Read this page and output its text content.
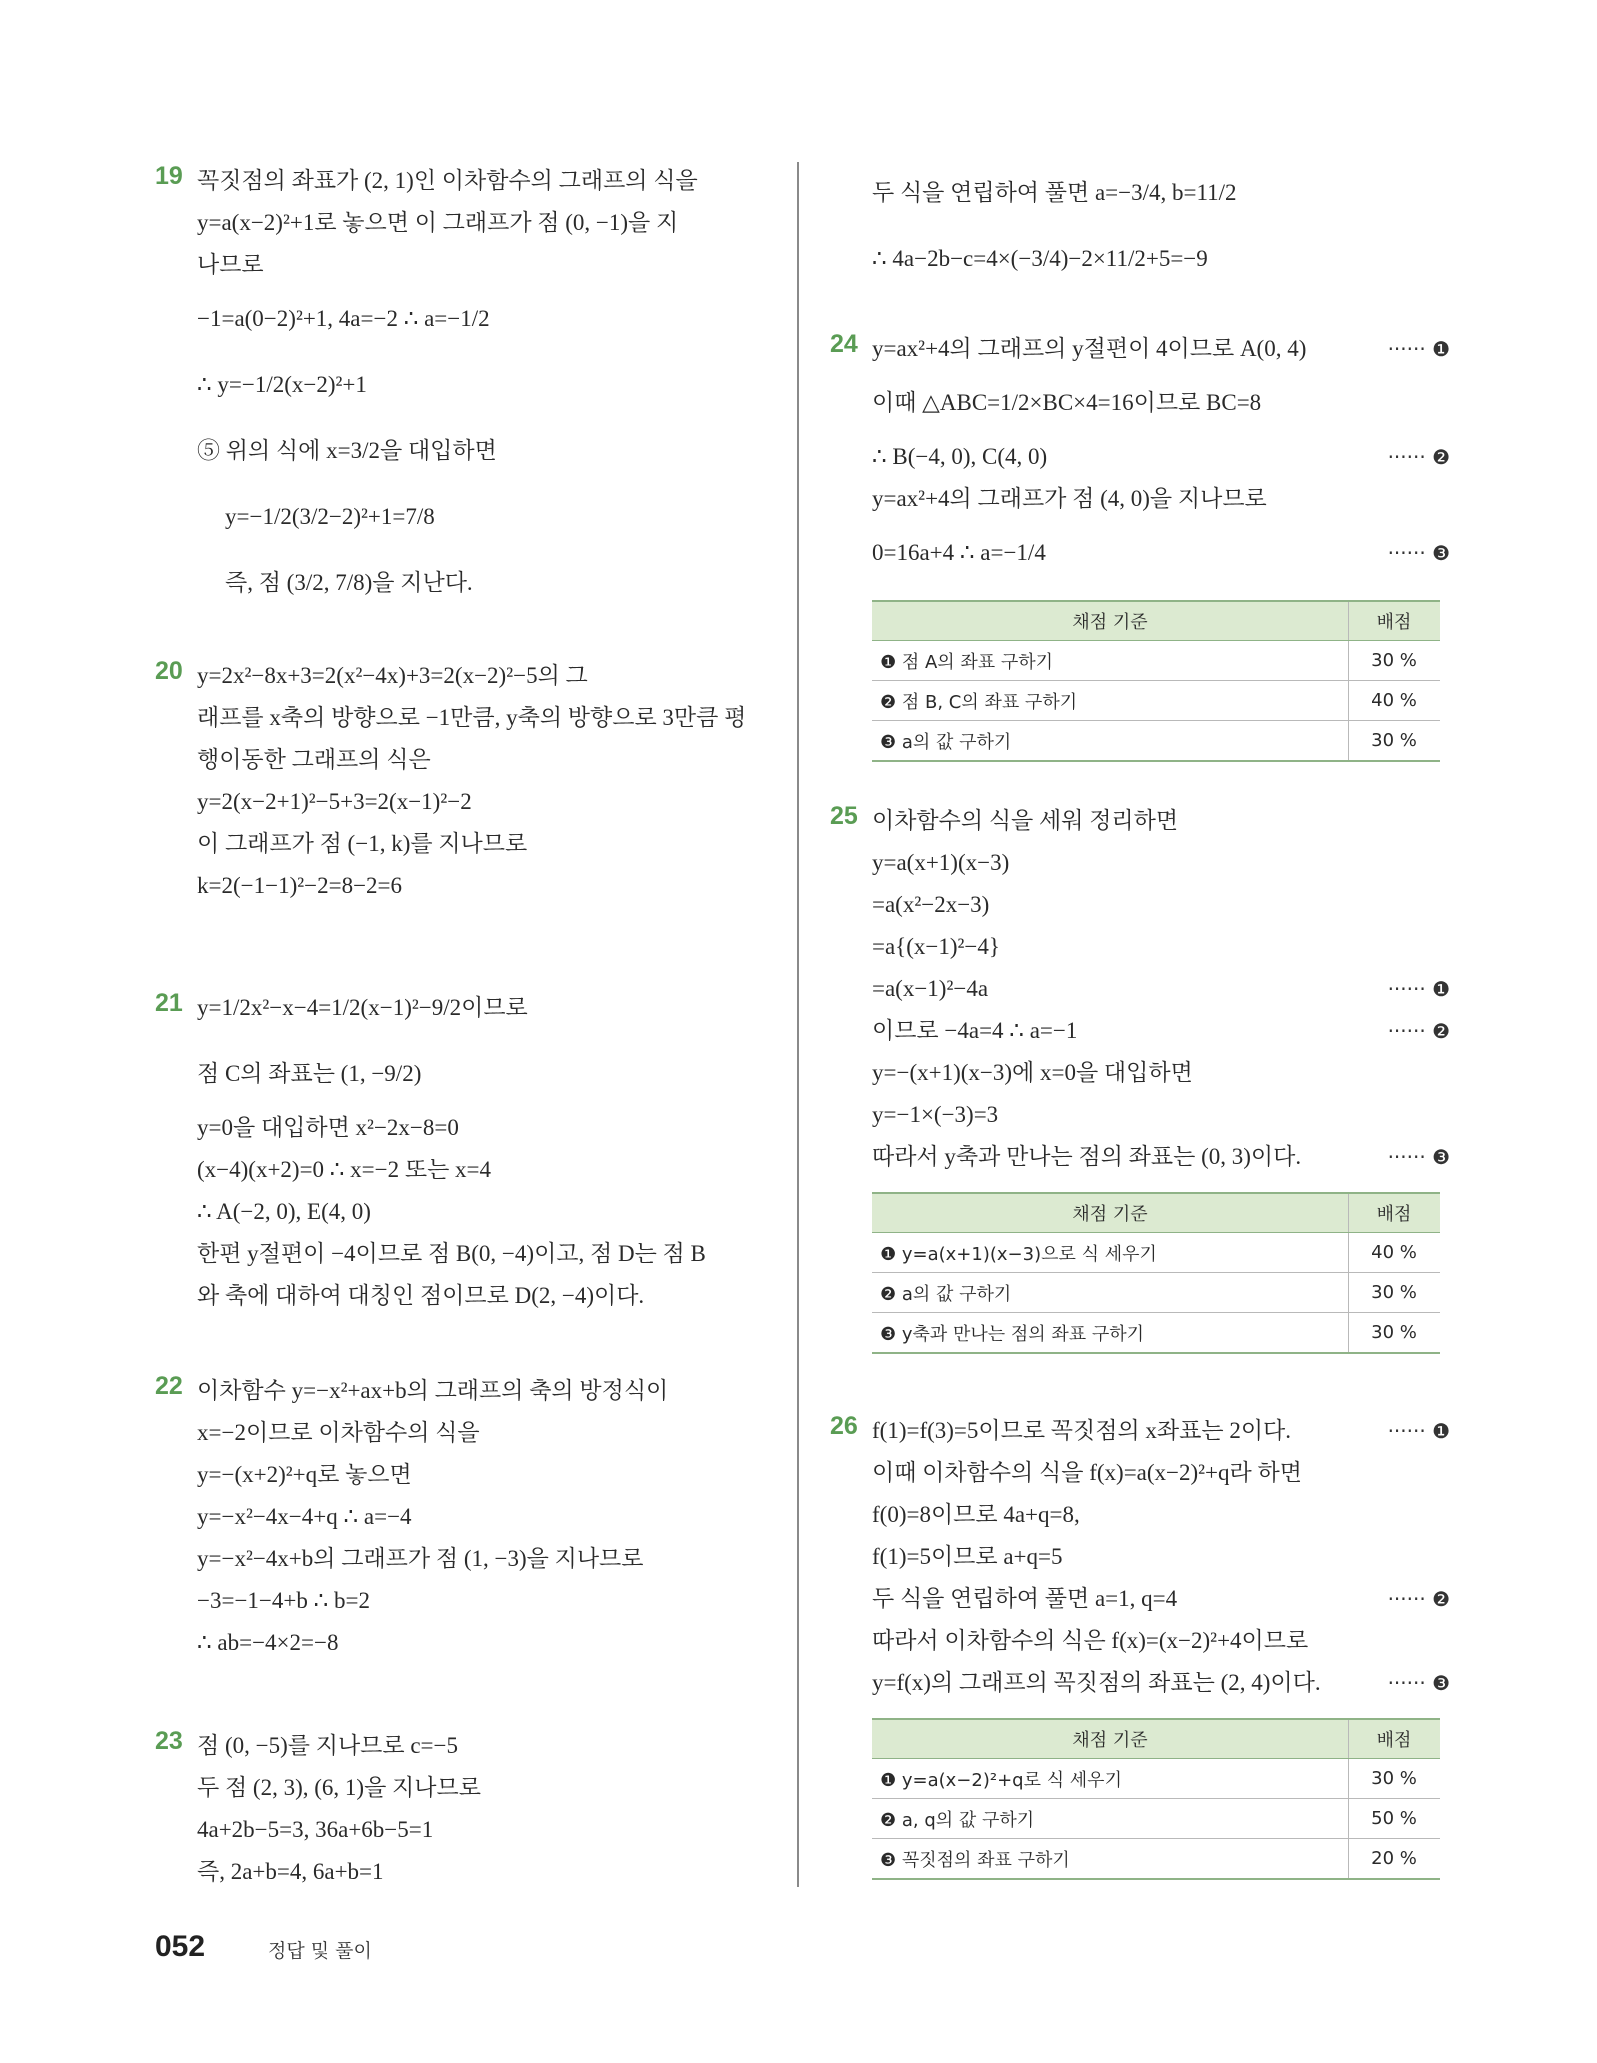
19 꼭짓점의 좌표가 (2, 1)인 이차함수의 그래프의 식을
y=a(x−2)²+1로 놓으면 이 그래프가 점 (0, −1)을 지
나므로
−1=a(0−2)²+1, 4a=−2 ∴ a=−1/2
∴ y=−1/2(x−2)²+1
⑤ 위의 식에 x=3/2을 대입하면
y=−1/2(3/2−2)²+1=7/8
즉, 점 (3/2, 7/8)을 지난다.
20 y=2x²−8x+3=2(x²−4x)+3=2(x−2)²−5의 그
래프를 x축의 방향으로 −1만큼, y축의 방향으로 3만큼 평
행이동한 그래프의 식은
y=2(x−2+1)²−5+3=2(x−1)²−2
이 그래프가 점 (−1, k)를 지나므로
k=2(−1−1)²−2=8−2=6
21 y=1/2x²−x−4=1/2(x−1)²−9/2이므로
점 C의 좌표는 (1, −9/2)
y=0을 대입하면 x²−2x−8=0
(x−4)(x+2)=0 ∴ x=−2 또는 x=4
∴ A(−2, 0), E(4, 0)
한편 y절편이 −4이므로 점 B(0, −4)이고, 점 D는 점 B
와 축에 대하여 대칭인 점이므로 D(2, −4)이다.
22 이차함수 y=−x²+ax+b의 그래프의 축의 방정식이
x=−2이므로 이차함수의 식을
y=−(x+2)²+q로 놓으면
y=−x²−4x−4+q ∴ a=−4
y=−x²−4x+b의 그래프가 점 (1, −3)을 지나므로
−3=−1−4+b ∴ b=2
∴ ab=−4×2=−8
23 점 (0, −5)를 지나므로 c=−5
두 점 (2, 3), (6, 1)을 지나므로
4a+2b−5=3, 36a+6b−5=1
즉, 2a+b=4, 6a+b=1
두 식을 연립하여 풀면 a=−3/4, b=11/2
∴ 4a−2b−c=4×(−3/4)−2×11/2+5=−9
24 y=ax²+4의 그래프의 y절편이 4이므로 A(0, 4)	······ ❶
이때 △ABC=1/2×BC×4=16이므로 BC=8
∴ B(−4, 0), C(4, 0)	······ ❷
y=ax²+4의 그래프가 점 (4, 0)을 지나므로
0=16a+4 ∴ a=−1/4	······ ❸
채점 기준	배점
❶ 점 A의 좌표 구하기	30 %
❷ 점 B, C의 좌표 구하기	40 %
❸ a의 값 구하기	30 %
25 이차함수의 식을 세워 정리하면
y=a(x+1)(x−3)
=a(x²−2x−3)
=a{(x−1)²−4}
=a(x−1)²−4a	······ ❶
이므로 −4a=4 ∴ a=−1	······ ❷
y=−(x+1)(x−3)에 x=0을 대입하면
y=−1×(−3)=3
따라서 y축과 만나는 점의 좌표는 (0, 3)이다.	······ ❸
채점 기준	배점
❶ y=a(x+1)(x−3)으로 식 세우기	40 %
❷ a의 값 구하기	30 %
❸ y축과 만나는 점의 좌표 구하기	30 %
26 f(1)=f(3)=5이므로 꼭짓점의 x좌표는 2이다.	······ ❶
이때 이차함수의 식을 f(x)=a(x−2)²+q라 하면
f(0)=8이므로 4a+q=8,
f(1)=5이므로 a+q=5
두 식을 연립하여 풀면 a=1, q=4	······ ❷
따라서 이차함수의 식은 f(x)=(x−2)²+4이므로
y=f(x)의 그래프의 꼭짓점의 좌표는 (2, 4)이다.	······ ❸
채점 기준	배점
❶ y=a(x−2)²+q로 식 세우기	30 %
❷ a, q의 값 구하기	50 %
❸ 꼭짓점의 좌표 구하기	20 %
052	정답 및 풀이
